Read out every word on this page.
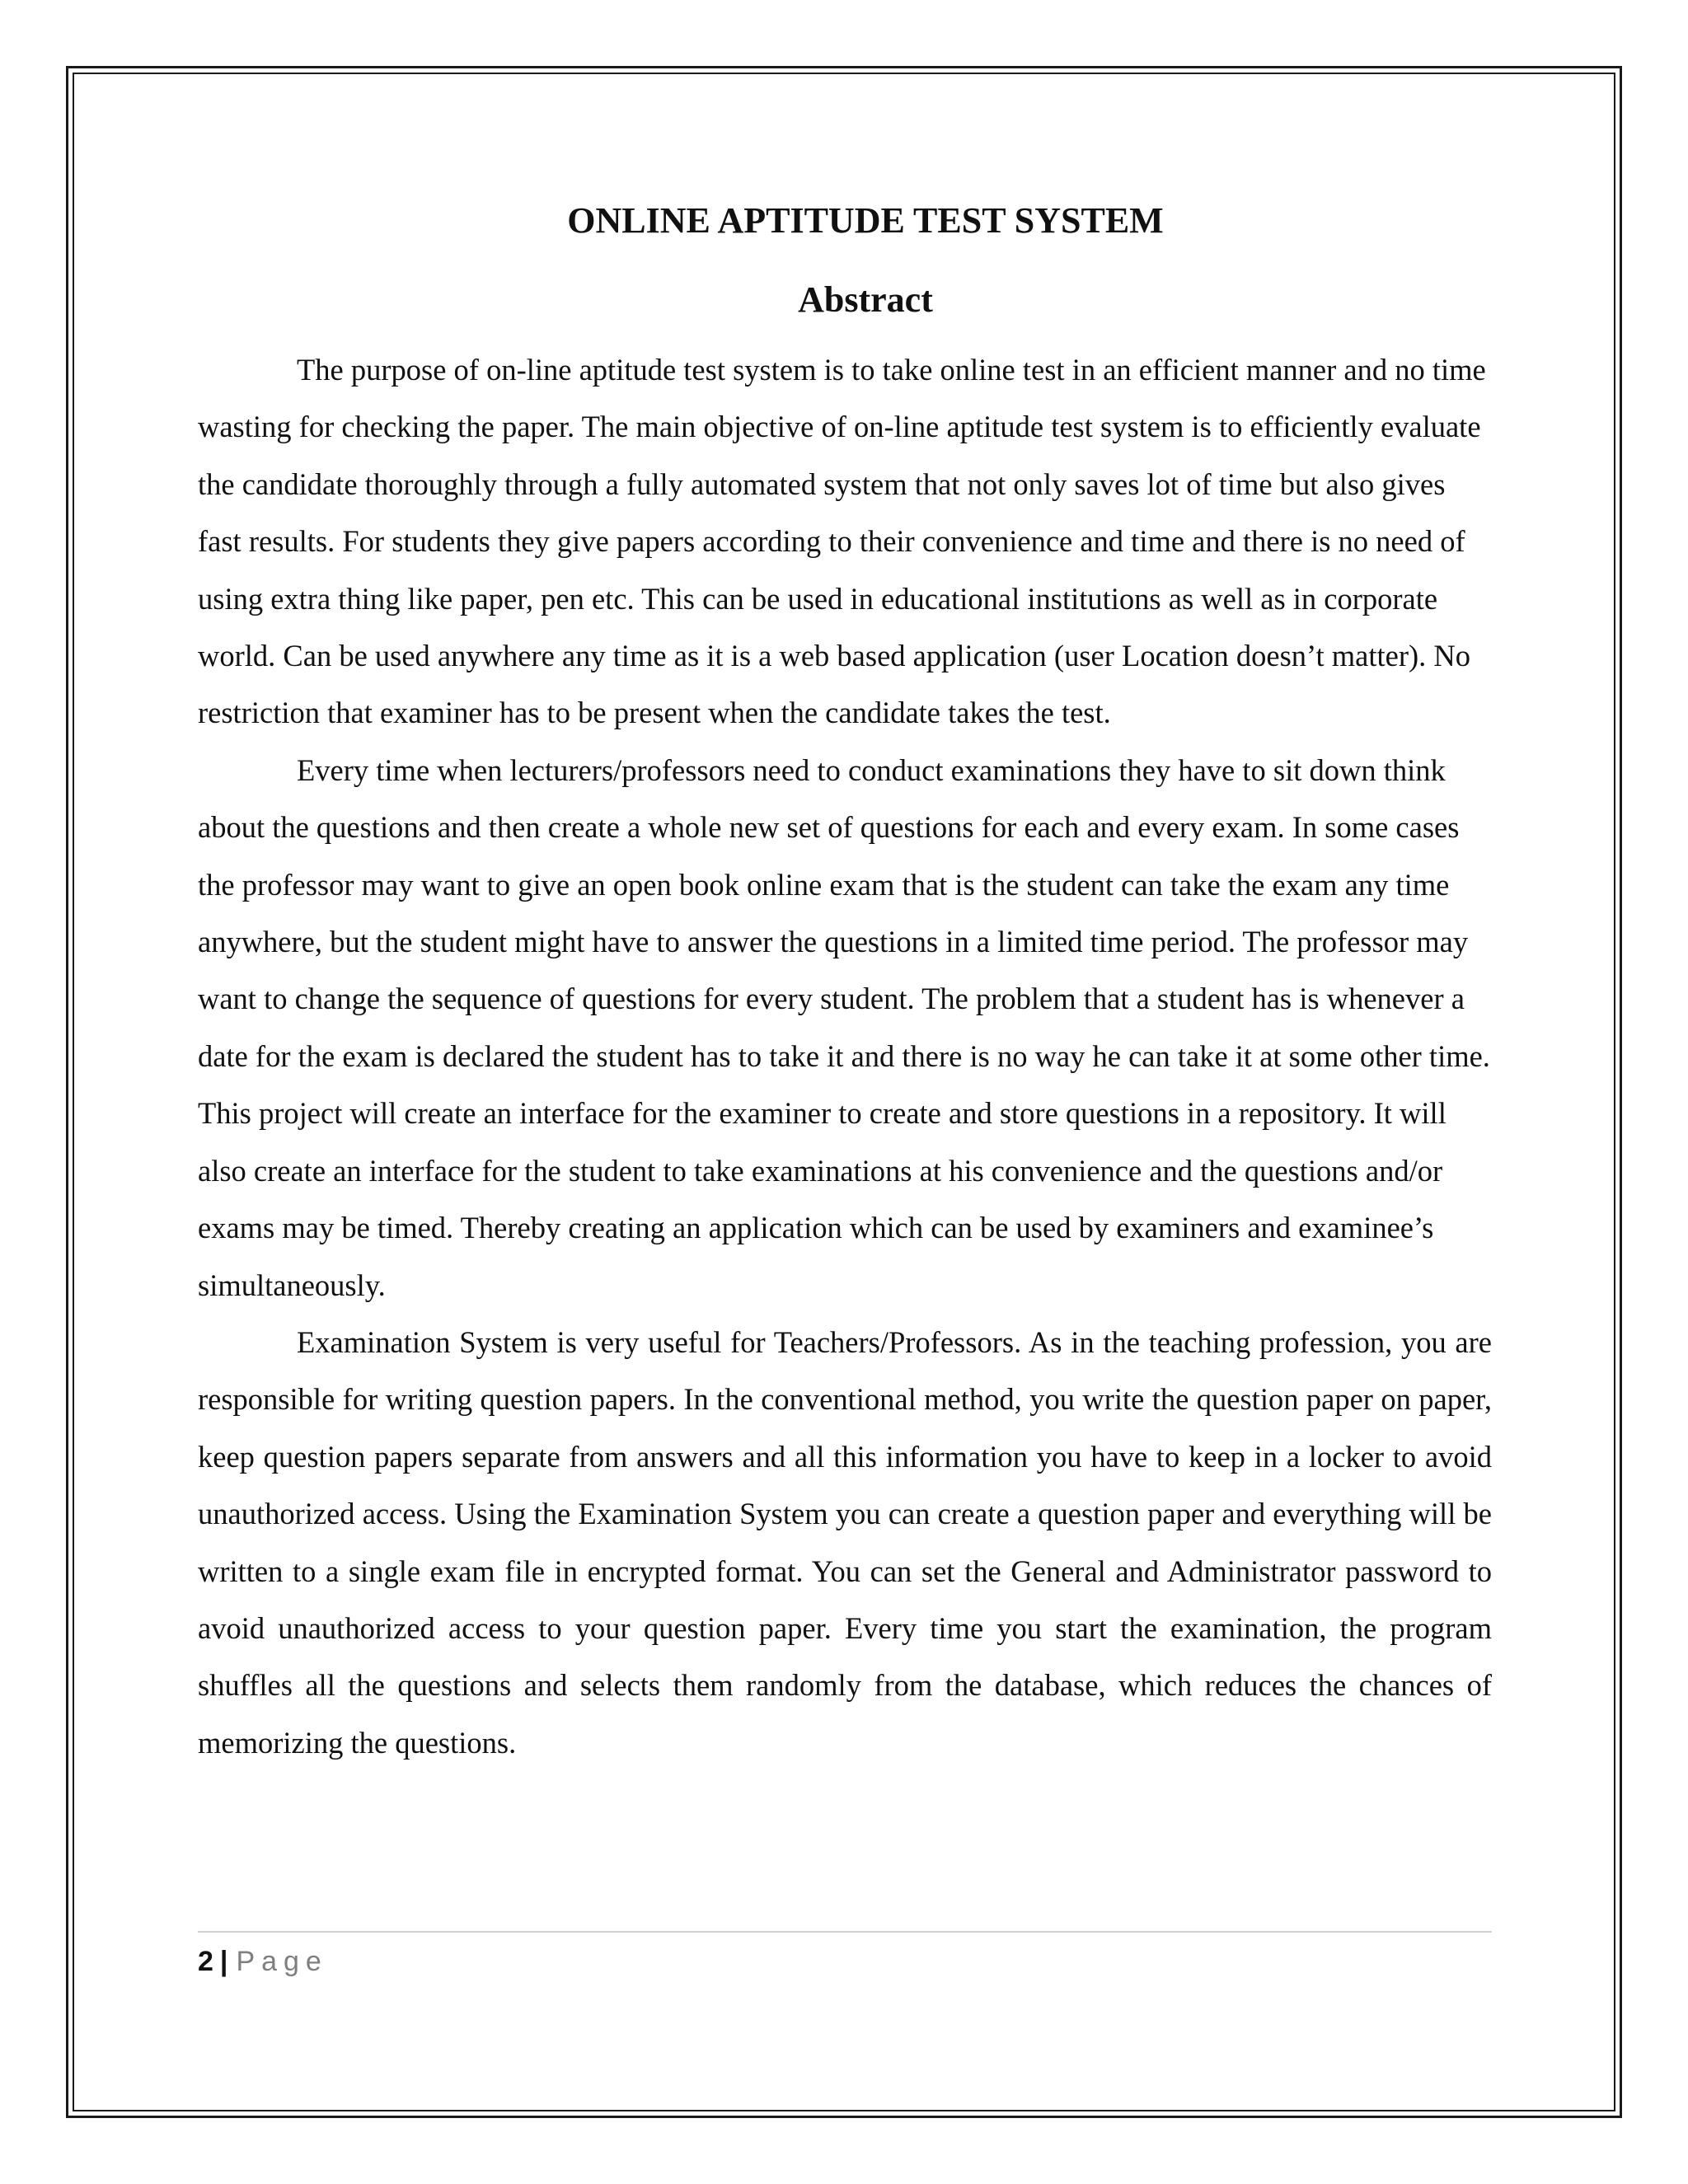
ONLINE APTITUDE TEST SYSTEM
Abstract

The purpose of on-line aptitude test system is to take online test in an efficient manner and no time wasting for checking the paper. The main objective of on-line aptitude test system is to efficiently evaluate the candidate thoroughly through a fully automated system that not only saves lot of time but also gives fast results. For students they give papers according to their convenience and time and there is no need of using extra thing like paper, pen etc. This can be used in educational institutions as well as in corporate world. Can be used anywhere any time as it is a web based application (user Location doesn’t matter). No restriction that examiner has to be present when the candidate takes the test.

Every time when lecturers/professors need to conduct examinations they have to sit down think about the questions and then create a whole new set of questions for each and every exam. In some cases the professor may want to give an open book online exam that is the student can take the exam any time anywhere, but the student might have to answer the questions in a limited time period. The professor may want to change the sequence of questions for every student. The problem that a student has is whenever a date for the exam is declared the student has to take it and there is no way he can take it at some other time. This project will create an interface for the examiner to create and store questions in a repository. It will also create an interface for the student to take examinations at his convenience and the questions and/or exams may be timed. Thereby creating an application which can be used by examiners and examinee’s simultaneously.

Examination System is very useful for Teachers/Professors. As in the teaching profession, you are responsible for writing question papers. In the conventional method, you write the question paper on paper, keep question papers separate from answers and all this information you have to keep in a locker to avoid unauthorized access. Using the Examination System you can create a question paper and everything will be written to a single exam file in encrypted format. You can set the General and Administrator password to avoid unauthorized access to your question paper. Every time you start the examination, the program shuffles all the questions and selects them randomly from the database, which reduces the chances of memorizing the questions.

2 | Page
